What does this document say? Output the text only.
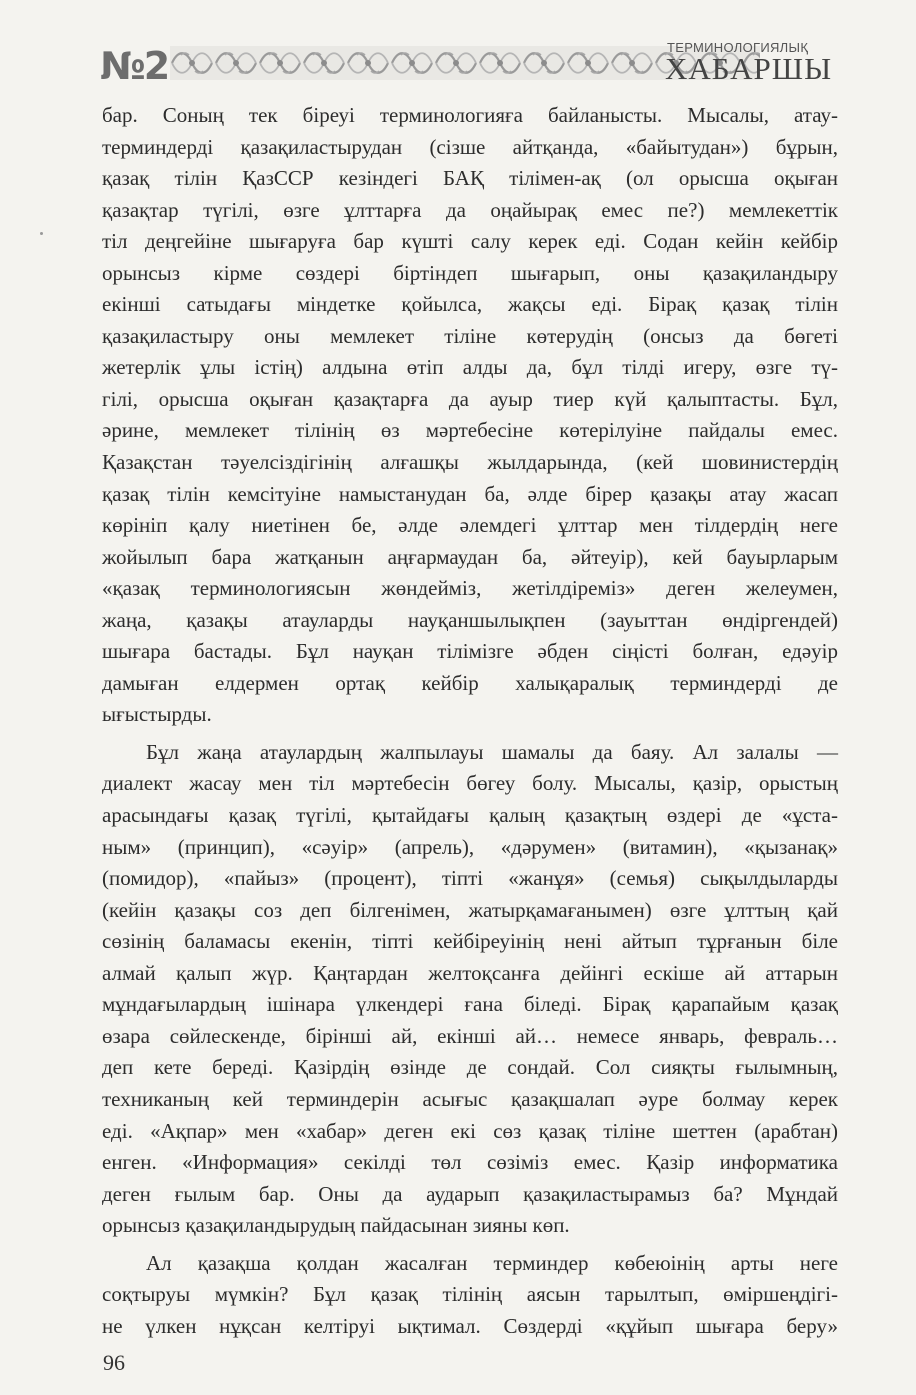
№2	ТЕРМИНОЛОГИЯЛЫҚ
ХАБАРШЫ
бар. Соның тек біреуі терминологияға байланысты. Мысалы, атау-
терминдерді қазақиластырудан (сізше айтқанда, «байытудан») бұрын,
қазақ тілін ҚазССР кезіндегі БАҚ тілімен-ақ (ол орысша оқыған
қазақтар түгілі, өзге ұлттарға да оңайырақ емес пе?) мемлекеттік
тіл деңгейіне шығаруға бар күшті салу керек еді. Содан кейін кейбір
орынсыз кірме сөздері біртіндеп шығарып, оны қазақиландыру
екінші сатыдағы міндетке қойылса, жақсы еді. Бірақ қазақ тілін
қазақиластыру оны мемлекет тіліне көтерудің (онсыз да бөгеті
жетерлік ұлы істің) алдына өтіп алды да, бұл тілді игеру, өзге тү-
гілі, орысша оқыған қазақтарға да ауыр тиер күй қалыптасты. Бұл,
әрине, мемлекет тілінің өз мәртебесіне көтерілуіне пайдалы емес.
Қазақстан тәуелсіздігінің алғашқы жылдарында, (кей шовинистердің
қазақ тілін кемсітуіне намыстанудан ба, әлде бірер қазақы атау жасап
көрініп қалу ниетінен бе, әлде әлемдегі ұлттар мен тілдердің неге
жойылып бара жатқанын аңғармаудан ба, әйтеуір), кей бауырларым
«қазақ терминологиясын жөндейміз, жетілдіреміз» деген желеумен,
жаңа, қазақы атауларды науқаншылықпен (зауыттан өндіргендей)
шығара бастады. Бұл науқан тілімізге әбден сіңісті болған, едәуір
дамыған елдермен ортақ кейбір халықаралық терминдерді де
ығыстырды.
Бұл жаңа атаулардың жалпылауы шамалы да баяу. Ал залалы —
диалект жасау мен тіл мәртебесін бөгеу болу. Мысалы, қазір, орыстың
арасындағы қазақ түгілі, қытайдағы қалың қазақтың өздері де «ұста-
ным» (принцип), «сәуір» (апрель), «дәрумен» (витамин), «қызанақ»
(помидор), «пайыз» (процент), тіпті «жанұя» (семья) сықылдыларды
(кейін қазақы соз деп білгенімен, жатырқамағанымен) өзге ұлттың қай
сөзінің баламасы екенін, тіпті кейбіреуінің нені айтып тұрғанын біле
алмай қалып жүр. Қаңтардан желтоқсанға дейінгі ескіше ай аттарын
мұндағылардың ішінара үлкендері ғана біледі. Бірақ қарапайым қазақ
өзара сөйлескенде, бірінші ай, екінші ай… немесе январь, февраль…
деп кете береді. Қазірдің өзінде де сондай. Сол сияқты ғылымның,
техниканың кей терминдерін асығыс қазақшалап әуре болмау керек
еді. «Ақпар» мен «хабар» деген екі сөз қазақ тіліне шеттен (арабтан)
енген. «Информация» секілді төл сөзіміз емес. Қазір информатика
деген ғылым бар. Оны да аударып қазақиластырамыз ба? Мұндай
орынсыз қазақиландырудың пайдасынан зияны көп.
Ал қазақша қолдан жасалған терминдер көбеюінің арты неге
соқтыруы мүмкін? Бұл қазақ тілінің аясын тарылтып, өміршеңдігі-
не үлкен нұқсан келтіруі ықтимал. Сөздерді «құйып шығара беру»
96
